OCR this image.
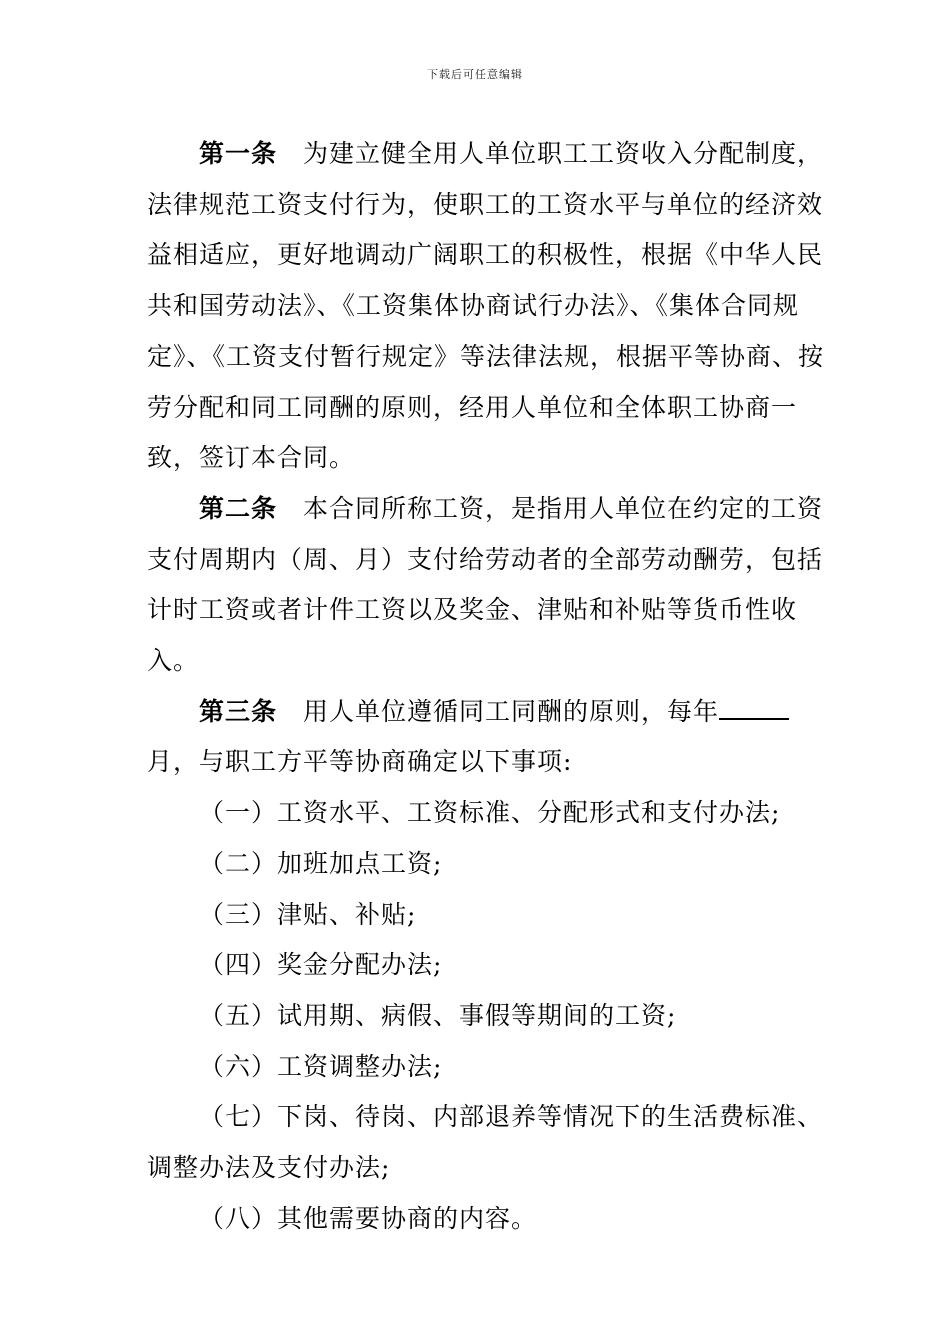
下载后可任意编辑

第一条 为建立健全用人单位职工工资收入分配制度，法律规范工资支付行为，使职工的工资水平与单位的经济效益相适应，更好地调动广阔职工的积极性，根据《中华人民共和国劳动法》、《工资集体协商试行办法》、《集体合同规定》、《工资支付暂行规定》等法律法规，根据平等协商、按劳分配和同工同酬的原则，经用人单位和全体职工协商一致，签订本合同。

第二条 本合同所称工资，是指用人单位在约定的工资支付周期内（周、月）支付给劳动者的全部劳动酬劳，包括计时工资或者计件工资以及奖金、津贴和补贴等货币性收入。

第三条 用人单位遵循同工同酬的原则，每年月，与职工方平等协商确定以下事项:

（一）工资水平、工资标准、分配形式和支付办法;

（二）加班加点工资;

（三）津贴、补贴;

（四）奖金分配办法;

（五）试用期、病假、事假等期间的工资;

（六）工资调整办法;

（七）下岗、待岗、内部退养等情况下的生活费标准、调整办法及支付办法;

（八）其他需要协商的内容。
